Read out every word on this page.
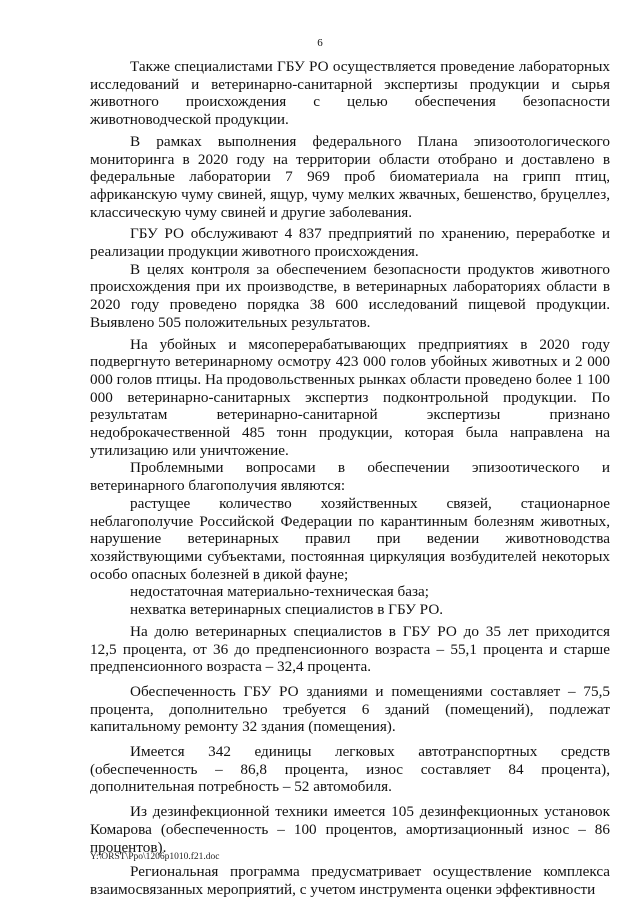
6

Также специалистами ГБУ РО осуществляется проведение лабораторных исследований и ветеринарно-санитарной экспертизы продукции и сырья животного происхождения с целью обеспечения безопасности животноводческой продукции.

В рамках выполнения федерального Плана эпизоотологического мониторинга в 2020 году на территории области отобрано и доставлено в федеральные лаборатории 7 969 проб биоматериала на грипп птиц, африканскую чуму свиней, ящур, чуму мелких жвачных, бешенство, бруцеллез, классическую чуму свиней и другие заболевания.

ГБУ РО обслуживают 4 837 предприятий по хранению, переработке и реализации продукции животного происхождения.

В целях контроля за обеспечением безопасности продуктов животного происхождения при их производстве, в ветеринарных лабораториях области в 2020 году проведено порядка 38 600 исследований пищевой продукции. Выявлено 505 положительных результатов.

На убойных и мясоперерабатывающих предприятиях в 2020 году подвергнуто ветеринарному осмотру 423 000 голов убойных животных и 2 000 000 голов птицы. На продовольственных рынках области проведено более 1 100 000 ветеринарно-санитарных экспертиз подконтрольной продукции. По результатам ветеринарно-санитарной экспертизы признано недоброкачественной 485 тонн продукции, которая была направлена на утилизацию или уничтожение.

Проблемными вопросами в обеспечении эпизоотического и ветеринарного благополучия являются:

растущее количество хозяйственных связей, стационарное неблагополучие Российской Федерации по карантинным болезням животных, нарушение ветеринарных правил при ведении животноводства хозяйствующими субъектами, постоянная циркуляция возбудителей некоторых особо опасных болезней в дикой фауне;

недостаточная материально-техническая база;

нехватка ветеринарных специалистов в ГБУ РО.

На долю ветеринарных специалистов в ГБУ РО до 35 лет приходится 12,5 процента, от 36 до предпенсионного возраста – 55,1 процента и старше предпенсионного возраста – 32,4 процента.

Обеспеченность ГБУ РО зданиями и помещениями составляет – 75,5 процента, дополнительно требуется 6 зданий (помещений), подлежат капитальному ремонту 32 здания (помещения).

Имеется 342 единицы легковых автотранспортных средств (обеспеченность – 86,8 процента, износ составляет 84 процента), дополнительная потребность – 52 автомобиля.

Из дезинфекционной техники имеется 105 дезинфекционных установок Комарова (обеспеченность – 100 процентов, амортизационный износ – 86 процентов).

Региональная программа предусматривает осуществление комплекса взаимосвязанных мероприятий, с учетом инструмента оценки эффективности

Y:\ORST\Ppo\1206p1010.f21.doc
